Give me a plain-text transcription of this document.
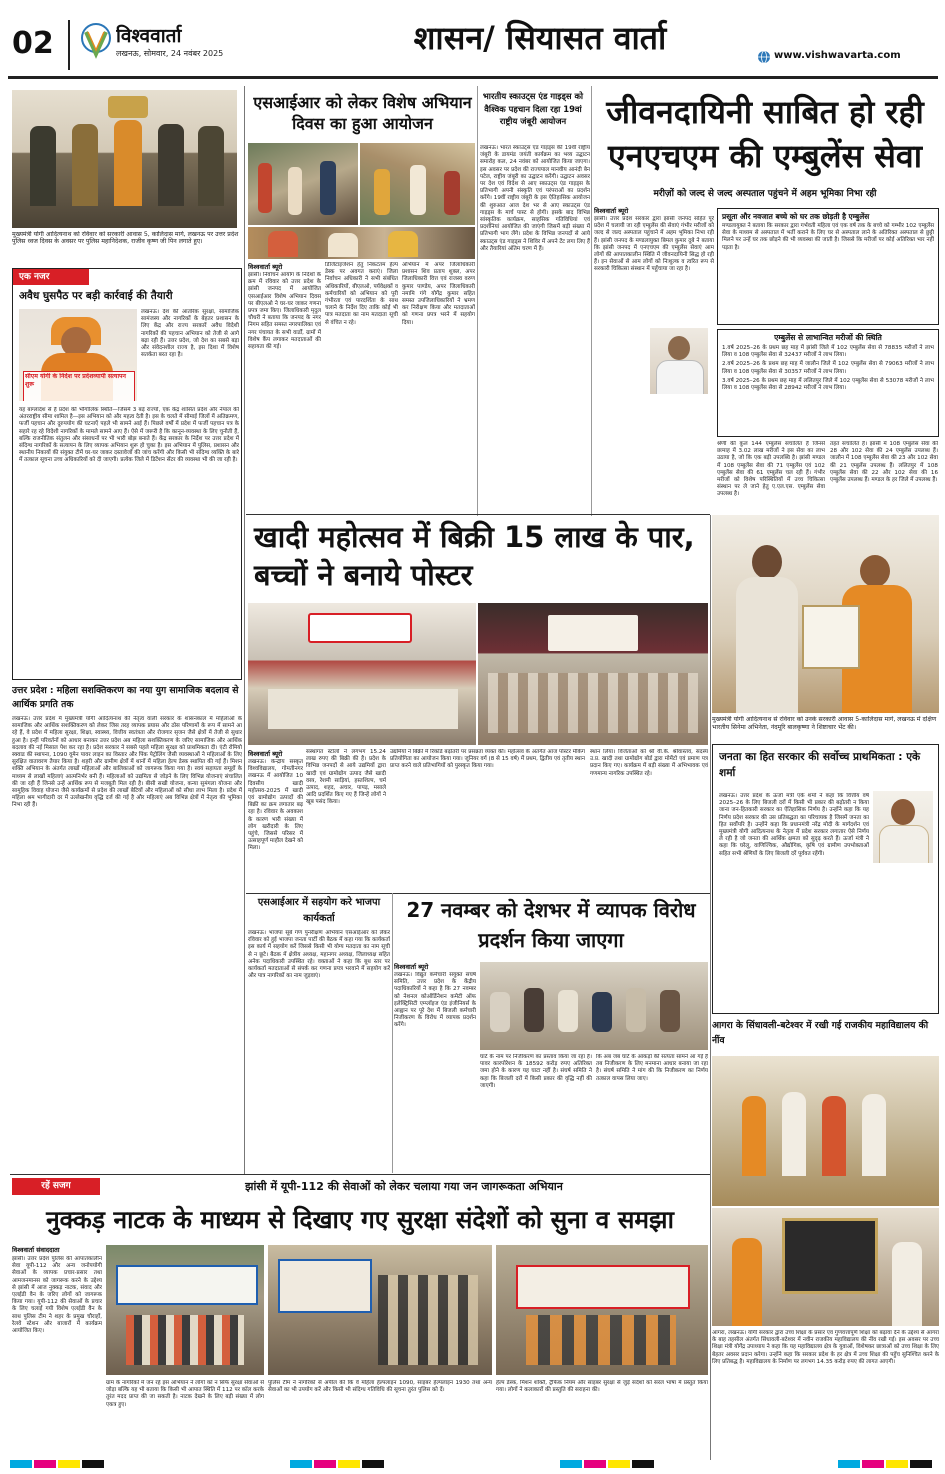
02	विश्ववार्ता
लखनऊ, सोमवार, 24 नवंबर 2025	शासन/ सियासत वार्ता	www.vishwavarta.com
मुख्यमंत्री योगी आदित्यनाथ को रविवार को सरकारी आवास 5, कालिदास मार्ग, लखनऊ पर उत्तर प्रदेश पुलिस ध्वज दिवस के अवसर पर पुलिस महानिदेशक, राजीव कृष्ण जी पिन लगाते हुए।
एसआईआर को लेकर विशेष अभियान दिवस का हुआ आयोजन
विश्ववार्ता ब्यूरो
झांसी। निर्वाचन आयोग के निर्देशों के क्रम में रविवार को उत्तर प्रदेश के झांसी जनपद में आयोजित एसआईआर विशेष अभियान दिवस पर बीएलओ ने घर-घर जाकर गणना प्रपत्र जमा किए। जिलाधिकारी मृदुल चौधरी ने बताया कि जनपद के नगर निगम सहित समस्त नगरपालिका एवं नगर पंचायत के सभी वार्डों, ग्रामों में विशेष कैंप लगाकर मतदाताओं की सहायता की गई।
डिजिटाइजेशन हेतु निकटतम हेल्प डेस्क पर अवगत कराएं। जिला निर्वाचन अधिकारी ने सभी संबंधित अधिकारियों, बीएलओ, पर्यवेक्षकों व कर्मचारियों को अभियान को पूरी गंभीरता एवं पारदर्शिता के साथ चलाने के निर्देश दिए ताकि कोई भी पात्र मतदाता का नाम मतदाता सूची से वंचित न रहे।
अभियान में अपर जिलाधिकारी प्रशासन शिव प्रताप शुक्ल, अपर जिलाधिकारी वित्त एवं राजस्व वरुण कुमार पाण्डेय, अपर जिलाधिकारी नमामि गंगे योगेंद्र कुमार सहित समस्त उपजिलाधिकारियों ने भ्रमण कर निरीक्षण किया और मतदाताओं को गणना प्रपत्र भरने में सहयोग दिया।
भारतीय स्काउट्स एंड गाइड्स को वैश्विक पहचान दिला रहा 19वां राष्ट्रीय जंबूरी आयोजन
लखनऊ। भारत स्काउट्स एंड गाइड्स की 19वीं राष्ट्रीय जंबूरी के डायमंड जयंती कार्यक्रम का भव्य उद्घाटन समारोह कल, 24 नवंबर को आयोजित किया जाएगा। इस अवसर पर प्रदेश की राज्यपाल मानवीय आनंदी बेन पटेल, राष्ट्रीय जंबूरी का उद्घाटन करेंगी। उद्घाटन अवसर पर देश एवं विदेश से आए स्काउट्स एंड गाइड्स के प्रतिभागी अपनी संस्कृति एवं परंपराओं का प्रदर्शन करेंगे। 19वीं राष्ट्रीय जंबूरी के इस ऐतिहासिक आयोजन की शुरुआत आज देश भर से आए स्काउट्स एंड गाइड्स के मार्च पास्ट से होगी। इसके बाद विभिन्न सांस्कृतिक कार्यक्रम, साहसिक गतिविधियां एवं प्रदर्शनियां आयोजित की जाएंगी जिसमें बड़ी संख्या में प्रतिभागी भाग लेंगे। प्रदेश के विभिन्न जनपदों से आये स्काउट्स एंड गाइड्स ने शिविर में अपने टेंट लगा लिए हैं और तैयारियां अंतिम चरण में हैं।
जीवनदायिनी साबित हो रही एनएचएम की एम्बुलेंस सेवा
मरीज़ों को जल्द से जल्द अस्पताल पहुंचने में अहम भूमिका निभा रही
विश्ववार्ता ब्यूरो
झांसी। उत्तर प्रदेश सरकार द्वारा झांसी जनपद सहित पूरे प्रदेश में चलायी जा रही एम्बुलेंस की सेवाएं गंभीर मरीजों को जल्द से जल्द अस्पताल पहुंचाने में अहम भूमिका निभा रही हैं। झांसी जनपद के मण्डलायुक्त बिमल कुमार दुबे ने बताया कि झांसी जनपद में एनएचएम की एम्बुलेंस सेवाएं आम लोगों की आपातकालीन स्थिति में जीवनदायिनी सिद्ध हो रही हैं। इन सेवाओं से आम लोगों को निःशुल्क व त्वरित रूप से सरकारी चिकित्सा संस्थान में पहुँचाया जा रहा है।
प्रसूता और नवजात बच्चे को घर तक छोड़ती है एम्बुलेंस
मण्डलायुक्त ने बताया कि सरकार द्वारा गर्भवती महिला एवं एक वर्ष तक के बच्चे को गम्भीर 102 एम्बुलेंस सेवा के माध्यम से अस्पताल में भर्ती कराने के लिए घर से अस्पताल लाने के अतिरिक्त अस्पताल से छुट्टी मिलने पर उन्हें घर तक छोड़ने की भी व्यवस्था की जाती है। जिससे कि मरीजों पर कोई अतिरिक्त भार नहीं पड़ता है।
एम्बुलेंस से लाभान्वित मरीजों की स्थिति
1.वर्ष 2025–26 के प्रथम छह माह में झांसी जिले में 102 एम्बुलेंस सेवा से 78835 मरीजों ने लाभ लिया व 108 एम्बुलेंस सेवा से 32437 मरीजों ने लाभ लिया।
2.वर्ष 2025–26 के प्रथम छह माह में जालौन जिले में 102 एम्बुलेंस सेवा से 79063 मरीजों ने लाभ लिया व 108 एम्बुलेंस सेवा से 30357 मरीजों ने लाभ लिया।
3.वर्ष 2025–26 के प्रथम छह माह में ललितपुर जिले में 102 एम्बुलेंस सेवा से 53078 मरीजों ने लाभ लिया व 108 एम्बुलेंस सेवा से 28942 मरीजों ने लाभ लिया।
श्रेणी की कुल 144 एम्बुलेंस संचालित हैं जिनसे छःमाह में 3.02 लाख मरीजों ने इस सेवा का लाभ उठाया है, जो कि एक बड़ी उपलब्धि है। झांसी मण्डल में 108 एम्बुलेंस सेवा की 71 एम्बुलेंस एवं 102 एम्बुलेंस सेवा की 61 एम्बुलेंस चल रही हैं। गंभीर मरीजों को विशेष परिस्थितियों में उच्च चिकित्सा संस्थान पर ले जाने हेतु ए.एल.एस. एम्बुलेंस सेवा उपलब्ध है।
तहत संचालित हैं। झांसी में 108 एम्बुलेंस सेवा की 28 और 102 सेवा की 24 एम्बुलेंस उपलब्ध हैं। जालौन में 108 एम्बुलेंस सेवा की 23 और 102 सेवा की 21 एम्बुलेंस उपलब्ध हैं। ललितपुर में 108 एम्बुलेंस सेवा की 22 और 102 सेवा की 16 एम्बुलेंस उपलब्ध हैं। मण्डल के हर जिले में उपलब्ध हैं।
एक नजर
अवैध घुसपैठ पर बड़ी कार्रवाई की तैयारी
सीएम योगी के निर्देश पर प्रदेशव्यापी सत्यापन शुरू
लखनऊ। देश की आंतरिक सुरक्षा, सामाजिक सामंजस्य और नागरिकों के बेहतर प्रशासन के लिए केंद्र और राज्य सरकारें अवैध विदेशी नागरिकों की पहचान अभियान को तेजी से आगे बढ़ा रही हैं। उत्तर प्रदेश, जो देश का सबसे बड़ा और संवेदनशील राज्य है, इस दिशा में विशेष सतर्कता बरत रहा है।
यह बांग्लादेश से है प्रदेश की भौगोलिक स्थिति—जिसमें 3 बड़े राज्यों, एक केंद्र शासित प्रदेश और नेपाल की अंतरराष्ट्रीय सीमा शामिल है—इस अभियान को और महत्व देती है। इस के चलते में सीमाई जिलों में अतिक्रमण, फर्जी पहचान और दुरुपयोग की घटनाएँ पहले भी सामने आई हैं। पिछले वर्षों में प्रदेश में फर्जी पहचान पत्र के सहारे रह रहे विदेशी नागरिकों के मामले सामने आए हैं। ऐसे में जरूरी है कि कानून-व्यवस्था के लिए चुनौती हैं, बल्कि राजनीतिक संतुलन और संसाधनों पर भी भारी बोझ बनाते हैं। केंद्र सरकार के निर्देश पर उत्तर प्रदेश में संदिग्ध नागरिकों के सत्यापन के लिए व्यापक अभियान शुरू हो चुका है। इस अभियान में पुलिस, प्रशासन और स्थानीय निकायों की संयुक्त टीमें घर-घर जाकर दस्तावेजों की जांच करेंगी और किसी भी संदिग्ध व्यक्ति के बारे में तत्काल सूचना उच्च अधिकारियों को दी जाएगी। प्रत्येक जिले में डिटेंशन सेंटर की व्यवस्था भी की जा रही है।
उत्तर प्रदेश : महिला सशक्तिकरण का नया युग सामाजिक बदलाव से आर्थिक प्रगति तक
लखनऊ। उत्तर प्रदेश में मुख्यमंत्री योगी आदित्यनाथ की नेतृत्व वाली सरकार के शासनकाल में महिलाओं के सामाजिक और आर्थिक सशक्तिकरण को लेकर जिस तरह व्यापक प्रयास और ठोस परिणामों के रूप में सामने आ रहे हैं, वे प्रदेश में महिला सुरक्षा, शिक्षा, स्वास्थ्य, वित्तीय स्वतंत्रता और रोजगार सृजन जैसे क्षेत्रों में तेजी से सुधार हुआ है। इन्हीं परिवर्तनों को आधार बनाकर उत्तर प्रदेश अब महिला सशक्तिकरण के जरिए सामाजिक और आर्थिक बदलाव की नई मिसाल पेश कर रहा है। प्रदेश सरकार ने सबसे पहले महिला सुरक्षा को प्राथमिकता दी। एंटी रोमियो स्क्वाड की स्थापना, 1090 वूमेन पावर लाइन का विस्तार और पिंक पेट्रोलिंग जैसी व्यवस्थाओं ने महिलाओं के लिए सुरक्षित वातावरण तैयार किया है। शहरी और ग्रामीण क्षेत्रों में थानों में महिला हेल्प डेस्क स्थापित की गई हैं। मिशन शक्ति अभियान के अंतर्गत लाखों महिलाओं और बालिकाओं को जागरूक किया गया है। स्वयं सहायता समूहों के माध्यम से लाखों महिलाएं आत्मनिर्भर बनी हैं। महिलाओं को उद्यमिता से जोड़ने के लिए विभिन्न योजनाएं संचालित की जा रही हैं जिनसे उन्हें आर्थिक रूप से मजबूती मिल रही है। बीसी सखी योजना, कन्या सुमंगला योजना और सामूहिक विवाह योजना जैसे कार्यक्रमों से प्रदेश की लाखों बेटियों और महिलाओं को सीधा लाभ मिला है। प्रदेश में महिला श्रम भागीदारी दर में उल्लेखनीय वृद्धि दर्ज की गई है और महिलाएं अब विभिन्न क्षेत्रों में नेतृत्व की भूमिका निभा रही हैं।
खादी महोत्सव में बिक्री 15 लाख के पार, बच्चों ने बनाये पोस्टर
विश्ववार्ता ब्यूरो
लखनऊ। केन्द्रीय संस्कृत विश्वविद्यालय, गोमतीनगर लखनऊ में आयोजित 10 दिवसीय खादी महोत्सव-2025 में खादी एवं ग्रामोद्योग उत्पादों की बिक्री का क्रम लगातार बढ़ रहा है। रविवार के अवकाश के कारण भारी संख्या में लोग खरीदारी के लिए पहुंचे, जिससे परिसर में उत्साहपूर्ण माहौल देखने को मिला।
संस्थागत स्टॉलों ने लगभग 15.24 लाख रुपए की बिक्री की है। प्रदेश के विभिन्न जनपदों से आये उद्यमियों द्वारा खादी एवं ग्रामोद्योग उत्पाद जैसे खादी वस्त्र, रेशमी साड़ियां, हस्तशिल्प, चर्म उत्पाद, शहद, अचार, पापड़, मसाले आदि प्रदर्शित किए गए हैं जिन्हें लोगों ने खूब पसंद किया।
उद्यमियों ने बिक्री में रिकॉर्ड बढ़ोतरी पर प्रसन्नता व्यक्त की। महोत्सव के अंतर्गत आज पोस्टर मेकिंग प्रतियोगिता का आयोजन किया गया। जूनियर वर्ग (8 से 15 वर्ष) में प्रथम, द्वितीय एवं तृतीय स्थान प्राप्त करने वाले प्रतिभागियों को पुरस्कृत किया गया।
स्थान लिया। विजेताओं को श्री वी.के. श्रीवास्तव, सदस्य उ.प्र. खादी तथा ग्रामोद्योग बोर्ड द्वारा मोमेंटो एवं प्रमाण पत्र प्रदान किए गए। कार्यक्रम में बड़ी संख्या में अभिभावक एवं गणमान्य नागरिक उपस्थित रहे।
मुख्यमंत्री योगी आदित्यनाथ से रविवार को उनके सरकारी आवास 5-कालिदास मार्ग, लखनऊ में दक्षिण भारतीय सिनेमा अभिनेता, नंदमूरि बालकृष्णा ने शिष्टाचार भेंट की।
जनता का हित सरकार की सर्वोच्च प्राथमिकता : एके शर्मा
लखनऊ। उत्तर प्रदेश के ऊर्जा मंत्री एके शर्मा ने कहा कि वित्तीय वर्ष 2025–26 के लिए बिजली दरों में किसी भी प्रकार की बढ़ोतरी न किया जाना जन-हितकारी सरकार का ऐतिहासिक निर्णय है। उन्होंने कहा कि यह निर्णय प्रदेश सरकार की उस प्रतिबद्धता का परिचायक है जिसमें जनता का हित सर्वोपरि है। उन्होंने कहा कि प्रधानमंत्री नरेंद्र मोदी के मार्गदर्शन एवं मुख्यमंत्री योगी आदित्यनाथ के नेतृत्व में प्रदेश सरकार लगातार ऐसे निर्णय ले रही है जो जनता की आर्थिक क्षमता को सुदृढ़ करते हैं। ऊर्जा मंत्री ने कहा कि घरेलू, वाणिज्यिक, औद्योगिक, कृषि एवं ग्रामीण उपभोक्ताओं सहित सभी श्रेणियों के लिए बिजली दरें पूर्ववत रहेंगी।
एसआईआर में सहयोग करे भाजपा कार्यकर्ता
लखनऊ। भाजपा सूबे गण पुनरीक्षण अभियान एसआईआर को लेकर रविवार को हुई भाजपा जनता पार्टी की बैठक में कहा गया कि कार्यकर्ता इस कार्य में सहयोग करें जिससे किसी भी योग्य मतदाता का नाम सूची से न छूटे। बैठक में क्षेत्रीय अध्यक्ष, महानगर अध्यक्ष, जिलाध्यक्ष सहित अनेक पदाधिकारी उपस्थित रहे। वक्ताओं ने कहा कि बूथ स्तर पर कार्यकर्ता मतदाताओं से संपर्क कर गणना प्रपत्र भरवाने में सहयोग करें और पात्र नागरिकों का नाम जुड़वाएं।
27 नवम्बर को देशभर में व्यापक विरोध प्रदर्शन किया जाएगा
विश्ववार्ता ब्यूरो
लखनऊ। विद्युत कर्मचारी संयुक्त संघर्ष समिति, उत्तर प्रदेश के केंद्रीय पदाधिकारियों ने कहा है कि 27 नवम्बर को नेशनल कोऑर्डिनेशन कमेटी ऑफ इलेक्ट्रिसिटी एम्प्लॉइज एंड इंजीनियर्स के आह्वान पर पूरे देश में बिजली कर्मचारी निजीकरण के विरोध में व्यापक प्रदर्शन करेंगे।
घाटे के नाम पर निजीकरण का प्रस्ताव किया जा रहा है। पावर कारपोरेशन के 18592 करोड़ रुपए अतिरिक्त जमा होने के कारण यह घाटा नहीं है। संघर्ष समिति ने कहा कि बिजली दरों में किसी प्रकार की वृद्धि नहीं की जाएगी।
कि अब जब घाटे के आंकड़ों की सत्यता सामने आ गई है तब निजीकरण के लिए मनमाना आधार बनाया जा रहा है। संघर्ष समिति ने मांग की कि निजीकरण का निर्णय तत्काल वापस लिया जाए।
आगरा के सिंधावली-बटेश्वर में रखी गई राजकीय महाविद्यालय की नींव
आगरा, लखनऊ। योगी सरकार द्वारा उच्च शिक्षा के प्रसार एवं गुणवत्तापूर्ण शिक्षा को बढ़ावा देने के उद्देश्य से आगरा के बाह तहसील अंतर्गत सिंधावली-बटेश्वर में नवीन राजकीय महाविद्यालय की नींव रखी गई। इस अवसर पर उच्च शिक्षा मंत्री योगेंद्र उपाध्याय ने कहा कि यह महाविद्यालय क्षेत्र के युवाओं, विशेषकर छात्राओं को उच्च शिक्षा के लिए बेहतर अवसर प्रदान करेगा। उन्होंने कहा कि सरकार प्रदेश के हर क्षेत्र में उच्च शिक्षा की पहुँच सुनिश्चित करने के लिए प्रतिबद्ध है। महाविद्यालय के निर्माण पर लगभग 14.35 करोड़ रुपए की लागत आएगी।
रहें सजग	झांसी में यूपी-112 की सेवाओं को लेकर चलाया गया जन जागरूकता अभियान
नुक्कड़ नाटक के माध्यम से दिखाए गए सुरक्षा संदेशों को सुना व समझा
विश्ववार्ता संवाददाता
झांसी। उत्तर प्रदेश पुलिस की आपातकालीन सेवा यूपी-112 और अन्य जनोपयोगी सेवाओं के व्यापक प्रचार-प्रसार तथा आमजनमानस को जागरूक करने के उद्देश्य से झांसी में आज नुक्कड़ नाटक, संवाद और एलईडी वैन के जरिए लोगों को जागरूक किया गया। यूपी-112 की सेवाओं के प्रचार के लिए चलाई गयी विशेष एलईडी वैन के साथ पुलिस टीम ने शहर के प्रमुख चौराहों, रेलवे स्टेशन और बाजारों में कार्यक्रम आयोजित किए।
ग्राम के नागरिकों में जन रहे इस अभियान ने लोगों को न सिर्फ सुरक्षा सेवाओं से जोड़ा बल्कि यह भी बताया कि किसी भी आपात स्थिति में 112 पर कॉल करके तुरंत मदद प्राप्त की जा सकती है। नाटक देखने के लिए बड़ी संख्या में लोग एकत्र हुए।
पुलिस टीम ने नागरिकों से अपील की कि वे महिला हेल्पलाइन 1090, साइबर हेल्पलाइन 1930 तथा अन्य सेवाओं का भी उपयोग करें और किसी भी संदिग्ध गतिविधि की सूचना तुरंत पुलिस को दें।
हेल्प डेस्क, मिशन शक्ति, ट्रैफिक नियम और साइबर सुरक्षा से जुड़े संदेशों को सरल भाषा में प्रस्तुत किया गया। लोगों ने कलाकारों की प्रस्तुति की सराहना की।
